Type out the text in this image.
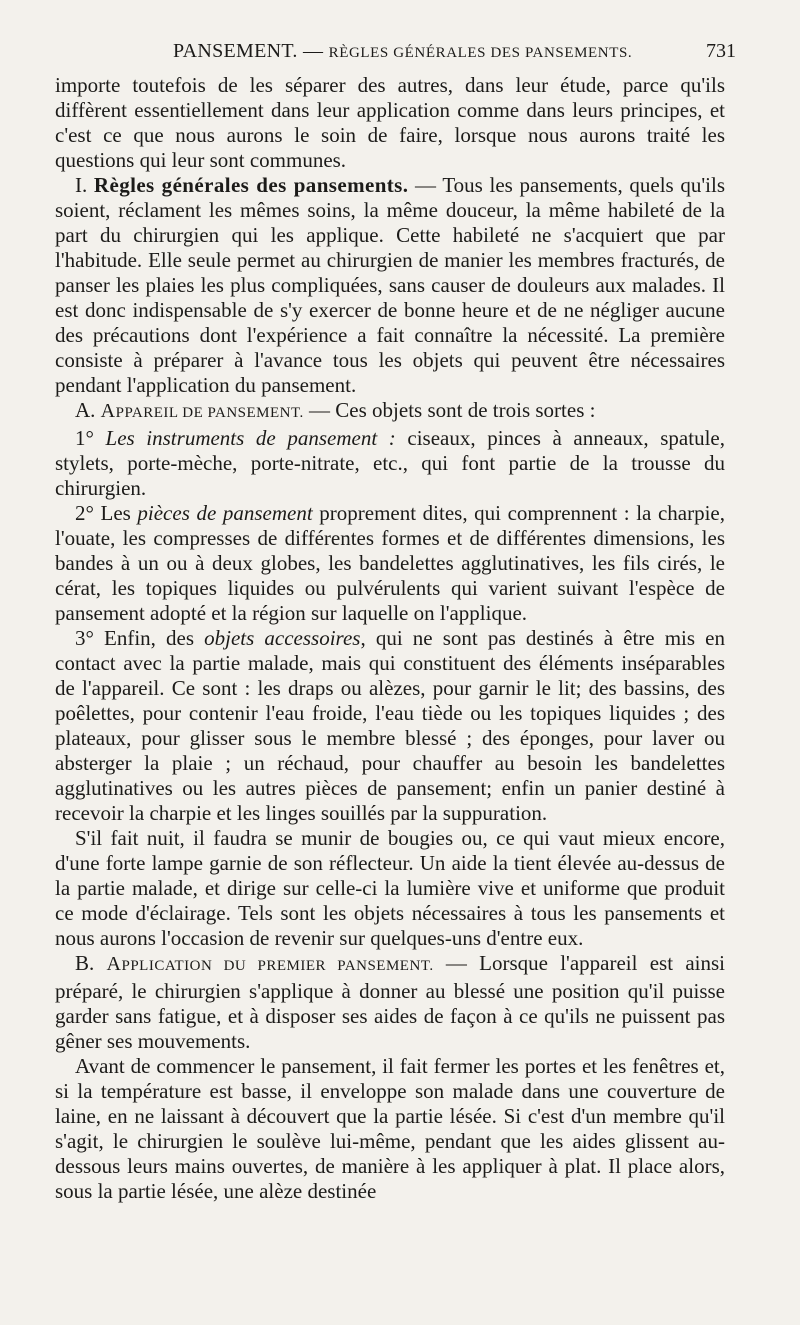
PANSEMENT. — RÈGLES GÉNÉRALES DES PANSEMENTS.	731

importe toutefois de les séparer des autres, dans leur étude, parce qu'ils diffèrent essentiellement dans leur application comme dans leurs principes, et c'est ce que nous aurons le soin de faire, lorsque nous aurons traité les questions qui leur sont communes.

I. Règles générales des pansements. — Tous les pansements, quels qu'ils soient, réclament les mêmes soins, la même douceur, la même habileté de la part du chirurgien qui les applique. Cette habileté ne s'acquiert que par l'habitude. Elle seule permet au chirurgien de manier les membres fracturés, de panser les plaies les plus compliquées, sans causer de douleurs aux malades. Il est donc indispensable de s'y exercer de bonne heure et de ne négliger aucune des précautions dont l'expérience a fait connaître la nécessité. La première consiste à préparer à l'avance tous les objets qui peuvent être nécessaires pendant l'application du pansement.

A. APPAREIL DE PANSEMENT. — Ces objets sont de trois sortes :

1° Les instruments de pansement : ciseaux, pinces à anneaux, spatule, stylets, porte-mèche, porte-nitrate, etc., qui font partie de la trousse du chirurgien.

2° Les pièces de pansement proprement dites, qui comprennent : la charpie, l'ouate, les compresses de différentes formes et de différentes dimensions, les bandes à un ou à deux globes, les bandelettes agglutinatives, les fils cirés, le cérat, les topiques liquides ou pulvérulents qui varient suivant l'espèce de pansement adopté et la région sur laquelle on l'applique.

3° Enfin, des objets accessoires, qui ne sont pas destinés à être mis en contact avec la partie malade, mais qui constituent des éléments inséparables de l'appareil. Ce sont : les draps ou alèzes, pour garnir le lit; des bassins, des poêlettes, pour contenir l'eau froide, l'eau tiède ou les topiques liquides ; des plateaux, pour glisser sous le membre blessé ; des éponges, pour laver ou absterger la plaie ; un réchaud, pour chauffer au besoin les bandelettes agglutinatives ou les autres pièces de pansement; enfin un panier destiné à recevoir la charpie et les linges souillés par la suppuration.

S'il fait nuit, il faudra se munir de bougies ou, ce qui vaut mieux encore, d'une forte lampe garnie de son réflecteur. Un aide la tient élevée au-dessus de la partie malade, et dirige sur celle-ci la lumière vive et uniforme que produit ce mode d'éclairage. Tels sont les objets nécessaires à tous les pansements et nous aurons l'occasion de revenir sur quelques-uns d'entre eux.

B. APPLICATION DU PREMIER PANSEMENT. — Lorsque l'appareil est ainsi préparé, le chirurgien s'applique à donner au blessé une position qu'il puisse garder sans fatigue, et à disposer ses aides de façon à ce qu'ils ne puissent pas gêner ses mouvements.

Avant de commencer le pansement, il fait fermer les portes et les fenêtres et, si la température est basse, il enveloppe son malade dans une couverture de laine, en ne laissant à découvert que la partie lésée. Si c'est d'un membre qu'il s'agit, le chirurgien le soulève lui-même, pendant que les aides glissent au-dessous leurs mains ouvertes, de manière à les appliquer à plat. Il place alors, sous la partie lésée, une alèze destinée
